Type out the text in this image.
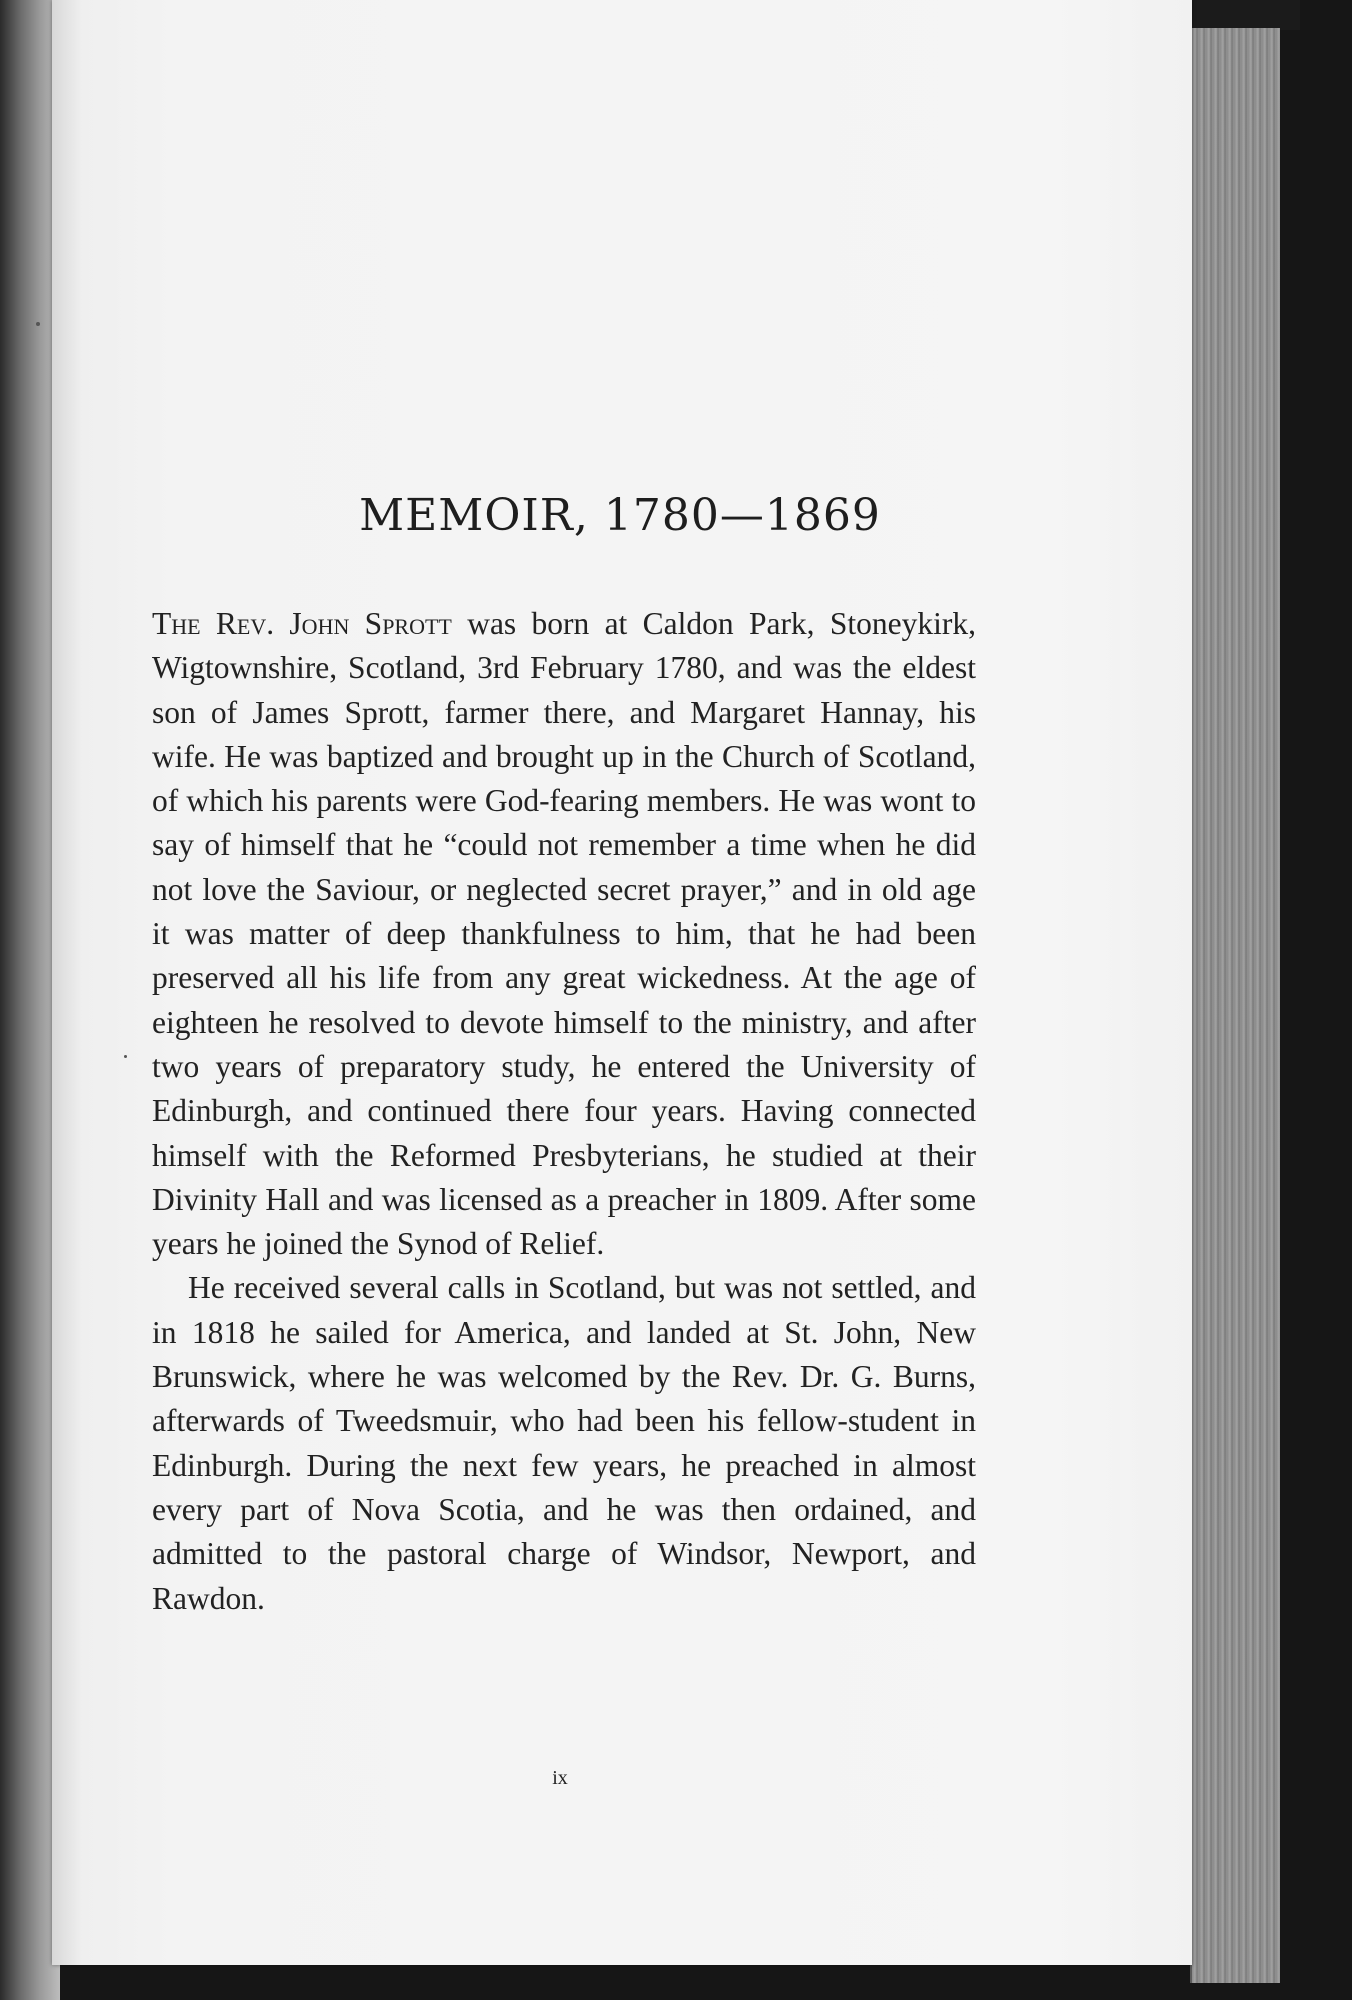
MEMOIR, 1780—1869

The Rev. John Sprott was born at Caldon Park, Stoneykirk, Wigtownshire, Scotland, 3rd February 1780, and was the eldest son of James Sprott, farmer there, and Margaret Hannay, his wife. He was baptized and brought up in the Church of Scotland, of which his parents were God-fearing members. He was wont to say of himself that he “could not remember a time when he did not love the Saviour, or neglected secret prayer,” and in old age it was matter of deep thankfulness to him, that he had been preserved all his life from any great wickedness. At the age of eighteen he resolved to devote himself to the ministry, and after two years of preparatory study, he entered the University of Edinburgh, and continued there four years. Having connected himself with the Reformed Presbyterians, he studied at their Divinity Hall and was licensed as a preacher in 1809. After some years he joined the Synod of Relief.

He received several calls in Scotland, but was not settled, and in 1818 he sailed for America, and landed at St. John, New Brunswick, where he was welcomed by the Rev. Dr. G. Burns, afterwards of Tweedsmuir, who had been his fellow-student in Edinburgh. During the next few years, he preached in almost every part of Nova Scotia, and he was then ordained, and admitted to the pastoral charge of Windsor, Newport, and Rawdon.

ix
